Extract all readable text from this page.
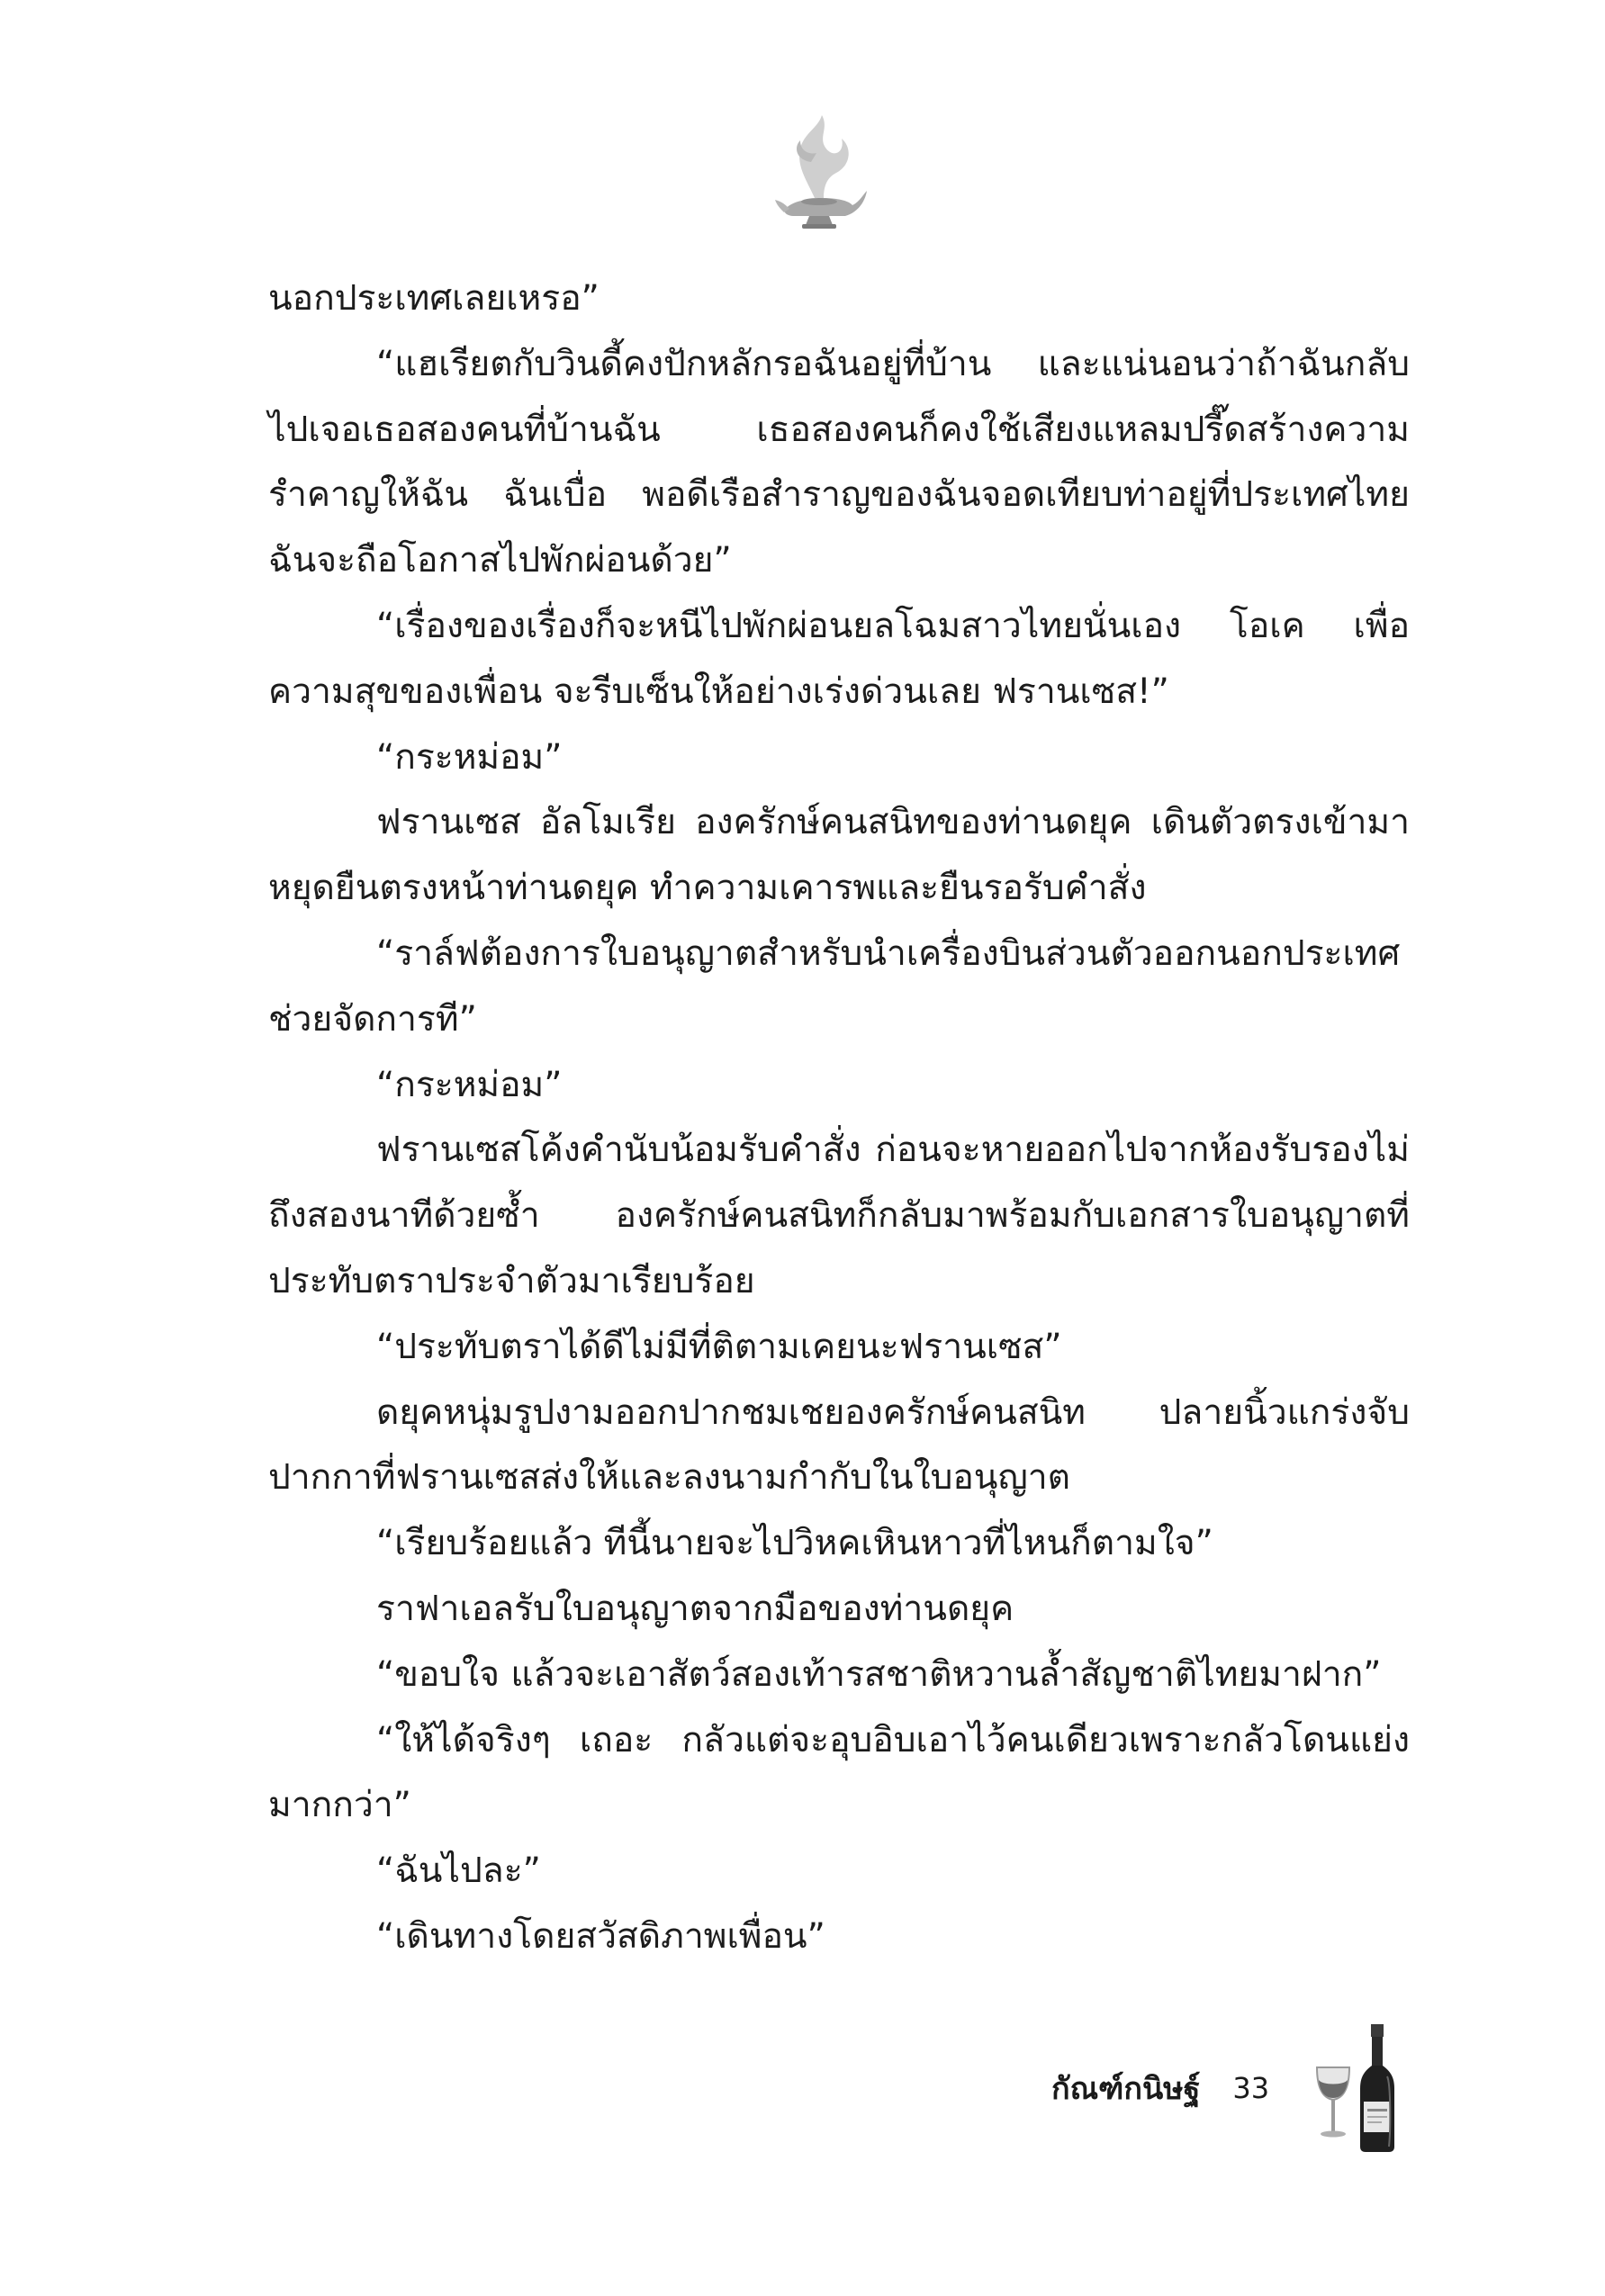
นอกประเทศเลยเหรอ”

“แฮเรียตกับวินดี้คงปักหลักรอฉันอยู่ที่บ้าน และแน่นอนว่าถ้าฉันกลับไปเจอเธอสองคนที่บ้านฉัน เธอสองคนก็คงใช้เสียงแหลมปรี๊ดสร้างความรำคาญให้ฉัน ฉันเบื่อ พอดีเรือสำราญของฉันจอดเทียบท่าอยู่ที่ประเทศไทย ฉันจะถือโอกาสไปพักผ่อนด้วย”

“เรื่องของเรื่องก็จะหนีไปพักผ่อนยลโฉมสาวไทยนั่นเอง โอเค เพื่อความสุขของเพื่อน จะรีบเซ็นให้อย่างเร่งด่วนเลย ฟรานเซส!”

“กระหม่อม”

ฟรานเซส อัลโมเรีย องครักษ์คนสนิทของท่านดยุค เดินตัวตรงเข้ามาหยุดยืนตรงหน้าท่านดยุค ทำความเคารพและยืนรอรับคำสั่ง

“ราล์ฟต้องการใบอนุญาตสำหรับนำเครื่องบินส่วนตัวออกนอกประเทศช่วยจัดการที”

“กระหม่อม”

ฟรานเซสโค้งคำนับน้อมรับคำสั่ง ก่อนจะหายออกไปจากห้องรับรองไม่ถึงสองนาทีด้วยซ้ำ องครักษ์คนสนิทก็กลับมาพร้อมกับเอกสารใบอนุญาตที่ประทับตราประจำตัวมาเรียบร้อย

“ประทับตราได้ดีไม่มีที่ติตามเคยนะฟรานเซส”

ดยุคหนุ่มรูปงามออกปากชมเชยองครักษ์คนสนิท ปลายนิ้วแกร่งจับปากกาที่ฟรานเซสส่งให้และลงนามกำกับในใบอนุญาต

“เรียบร้อยแล้ว ทีนี้นายจะไปวิหคเหินหาวที่ไหนก็ตามใจ”

ราฟาเอลรับใบอนุญาตจากมือของท่านดยุค

“ขอบใจ แล้วจะเอาสัตว์สองเท้ารสชาติหวานล้ำสัญชาติไทยมาฝาก”

“ให้ได้จริงๆ เถอะ กลัวแต่จะอุบอิบเอาไว้คนเดียวเพราะกลัวโดนแย่งมากกว่า”

“ฉันไปละ”

“เดินทางโดยสวัสดิภาพเพื่อน”

กัณฑ์กนิษฐ์ 33
